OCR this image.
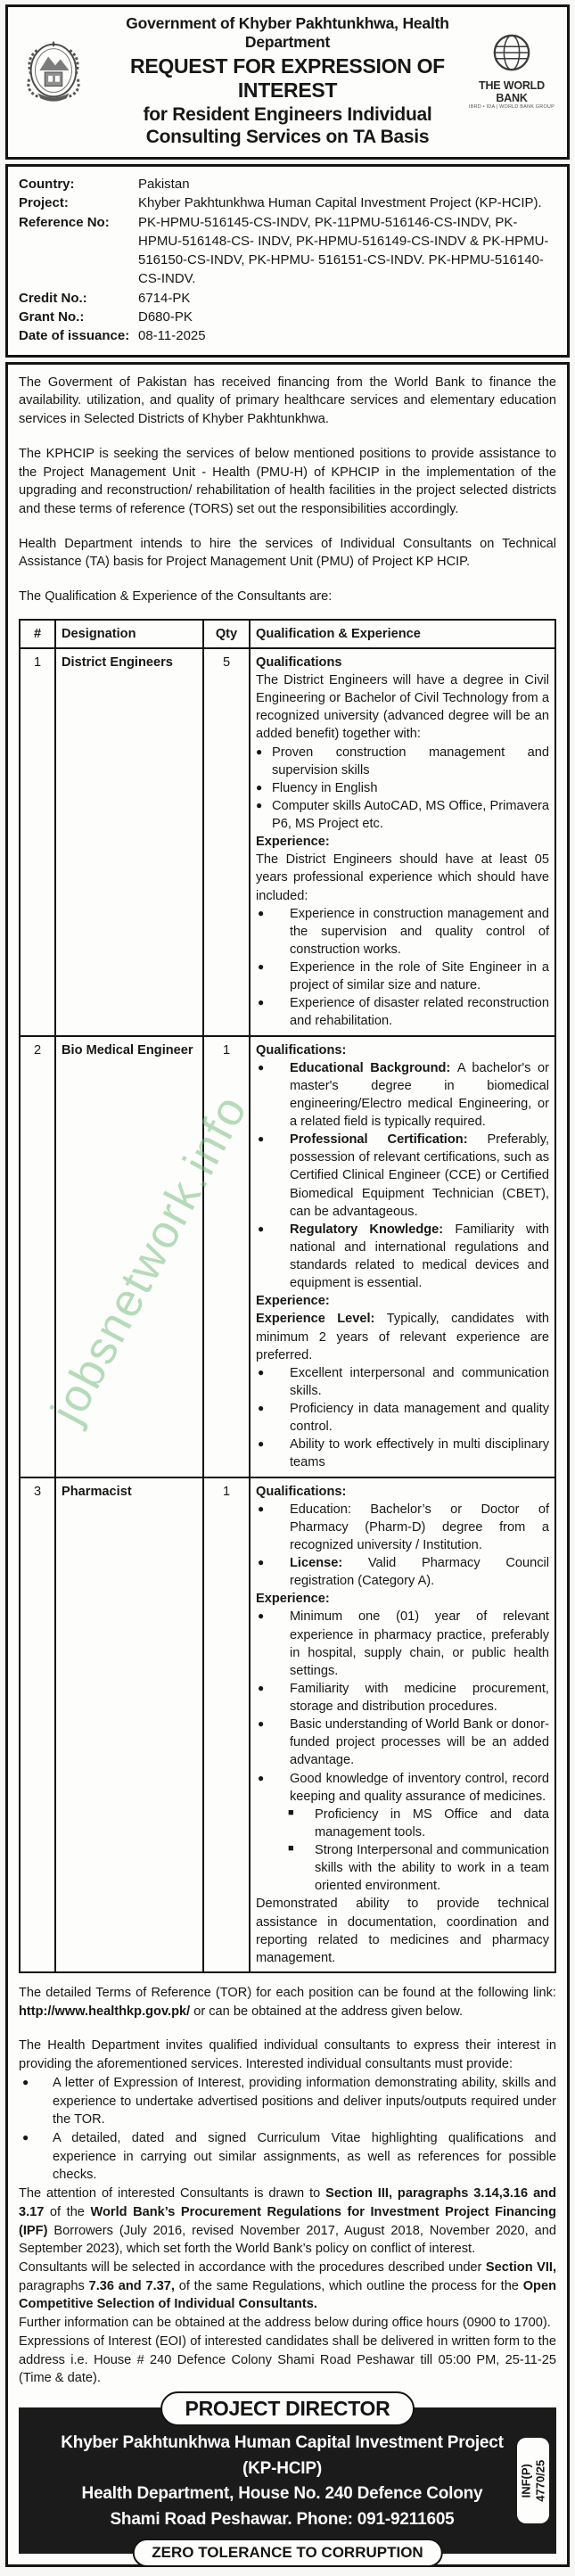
jobsnetwork.info
Government of Khyber Pakhtunkhwa, Health Department
REQUEST FOR EXPRESSION OF INTEREST
for Resident Engineers Individual
Consulting Services on TA Basis
THE WORLD BANK
IBRD • IDA | WORLD BANK GROUP
Country:	Pakistan
Project:	Khyber Pakhtunkhwa Human Capital Investment Project (KP-HCIP).
Reference No:	PK-HPMU-516145-CS-INDV, PK-11PMU-516146-CS-INDV, PK-HPMU-516148-CS- INDV, PK-HPMU-516149-CS-INDV & PK-HPMU-516150-CS-INDV, PK-HPMU- 516151-CS-INDV. PK-HPMU-516140-CS-INDV.
Credit No.:	6714-PK
Grant No.:	D680-PK
Date of issuance: 08-11-2025
The Goverment of Pakistan has received financing from the World Bank to finance the availability. utilization, and quality of primary healthcare services and elementary education services in Selected Districts of Khyber Pakhtunkhwa.
The KPHCIP is seeking the services of below mentioned positions to provide assistance to the Project Management Unit - Health (PMU-H) of KPHCIP in the implementation of the upgrading and reconstruction/ rehabilitation of health facilities in the project selected districts and these terms of reference (TORS) set out the responsibilities accordingly.
Health Department intends to hire the services of Individual Consultants on Technical Assistance (TA) basis for Project Management Unit (PMU) of Project KP HCIP.
The Qualification & Experience of the Consultants are:
#	Designation	Qty	Qualification & Experience
1	District Engineers	5	Qualifications
The District Engineers will have a degree in Civil Engineering or Bachelor of Civil Technology from a recognized university (advanced degree will be an added benefit) together with:
● Proven construction management and supervision skills
● Fluency in English
● Computer skills AutoCAD, MS Office, Primavera P6, MS Project etc.
Experience:
The District Engineers should have at least 05 years professional experience which should have included:
●	Experience in construction management and the supervision and quality control of construction works.
●	Experience in the role of Site Engineer in a project of similar size and nature.
●	Experience of disaster related reconstruction and rehabilitation.

2	Bio Medical Engineer	1	Qualifications:
●	Educational Background: A bachelor's or master's degree in biomedical engineering/Electro medical Engineering, or a related field is typically required.
●	Professional Certification: Preferably, possession of relevant certifications, such as Certified Clinical Engineer (CCE) or Certified Biomedical Equipment Technician (CBET), can be advantageous.
●	Regulatory Knowledge: Familiarity with national and international regulations and standards related to medical devices and equipment is essential.
Experience:
Experience Level: Typically, candidates with minimum 2 years of relevant experience are preferred.
●	Excellent interpersonal and communication skills.
●	Proficiency in data management and quality control.
●	Ability to work effectively in multi disciplinary teams

3	Pharmacist	1	Qualifications:
●	Education: Bachelor’s or Doctor of Pharmacy (Pharm-D) degree from a recognized university / Institution.
●	License: Valid Pharmacy Council registration (Category A).
Experience:
●	Minimum one (01) year of relevant experience in pharmacy practice, preferably in hospital, supply chain, or public health settings.
●	Familiarity with medicine procurement, storage and distribution procedures.
●	Basic understanding of World Bank or donor-funded project processes will be an added advantage.
●	Good knowledge of inventory control, record keeping and quality assurance of medicines.
■	Proficiency in MS Office and data management tools.
■	Strong Interpersonal and communication skills with the ability to work in a team oriented environment.
Demonstrated ability to provide technical assistance in documentation, coordination and reporting related to medicines and pharmacy management.
The detailed Terms of Reference (TOR) for each position can be found at the following link: http://www.healthkp.gov.pk/ or can be obtained at the address given below.
The Health Department invites qualified individual consultants to express their interest in providing the aforementioned services. Interested individual consultants must provide:
●	A letter of Expression of Interest, providing information demonstrating ability, skills and experience to undertake advertised positions and deliver inputs/outputs required under the TOR.
●	A detailed, dated and signed Curriculum Vitae highlighting qualifications and experience in carrying out similar assignments, as well as references for possible checks.
The attention of interested Consultants is drawn to Section III, paragraphs 3.14,3.16 and 3.17 of the World Bank’s Procurement Regulations for Investment Project Financing (IPF) Borrowers (July 2016, revised November 2017, August 2018, November 2020, and September 2023), which set forth the World Bank’s policy on conflict of interest.
Consultants will be selected in accordance with the procedures described under Section VII, paragraphs 7.36 and 7.37, of the same Regulations, which outline the process for the Open Competitive Selection of Individual Consultants.
Further information can be obtained at the address below during office hours (0900 to 1700).
Expressions of Interest (EOI) of interested candidates shall be delivered in written form to the address i.e. House # 240 Defence Colony Shami Road Peshawar till 05:00 PM, 25-11-25 (Time & date).
PROJECT DIRECTOR
Khyber Pakhtunkhwa Human Capital Investment Project (KP-HCIP)
Health Department, House No. 240 Defence Colony
Shami Road Peshawar. Phone: 091-9211605
INF(P)
4770/25
ZERO TOLERANCE TO CORRUPTION
